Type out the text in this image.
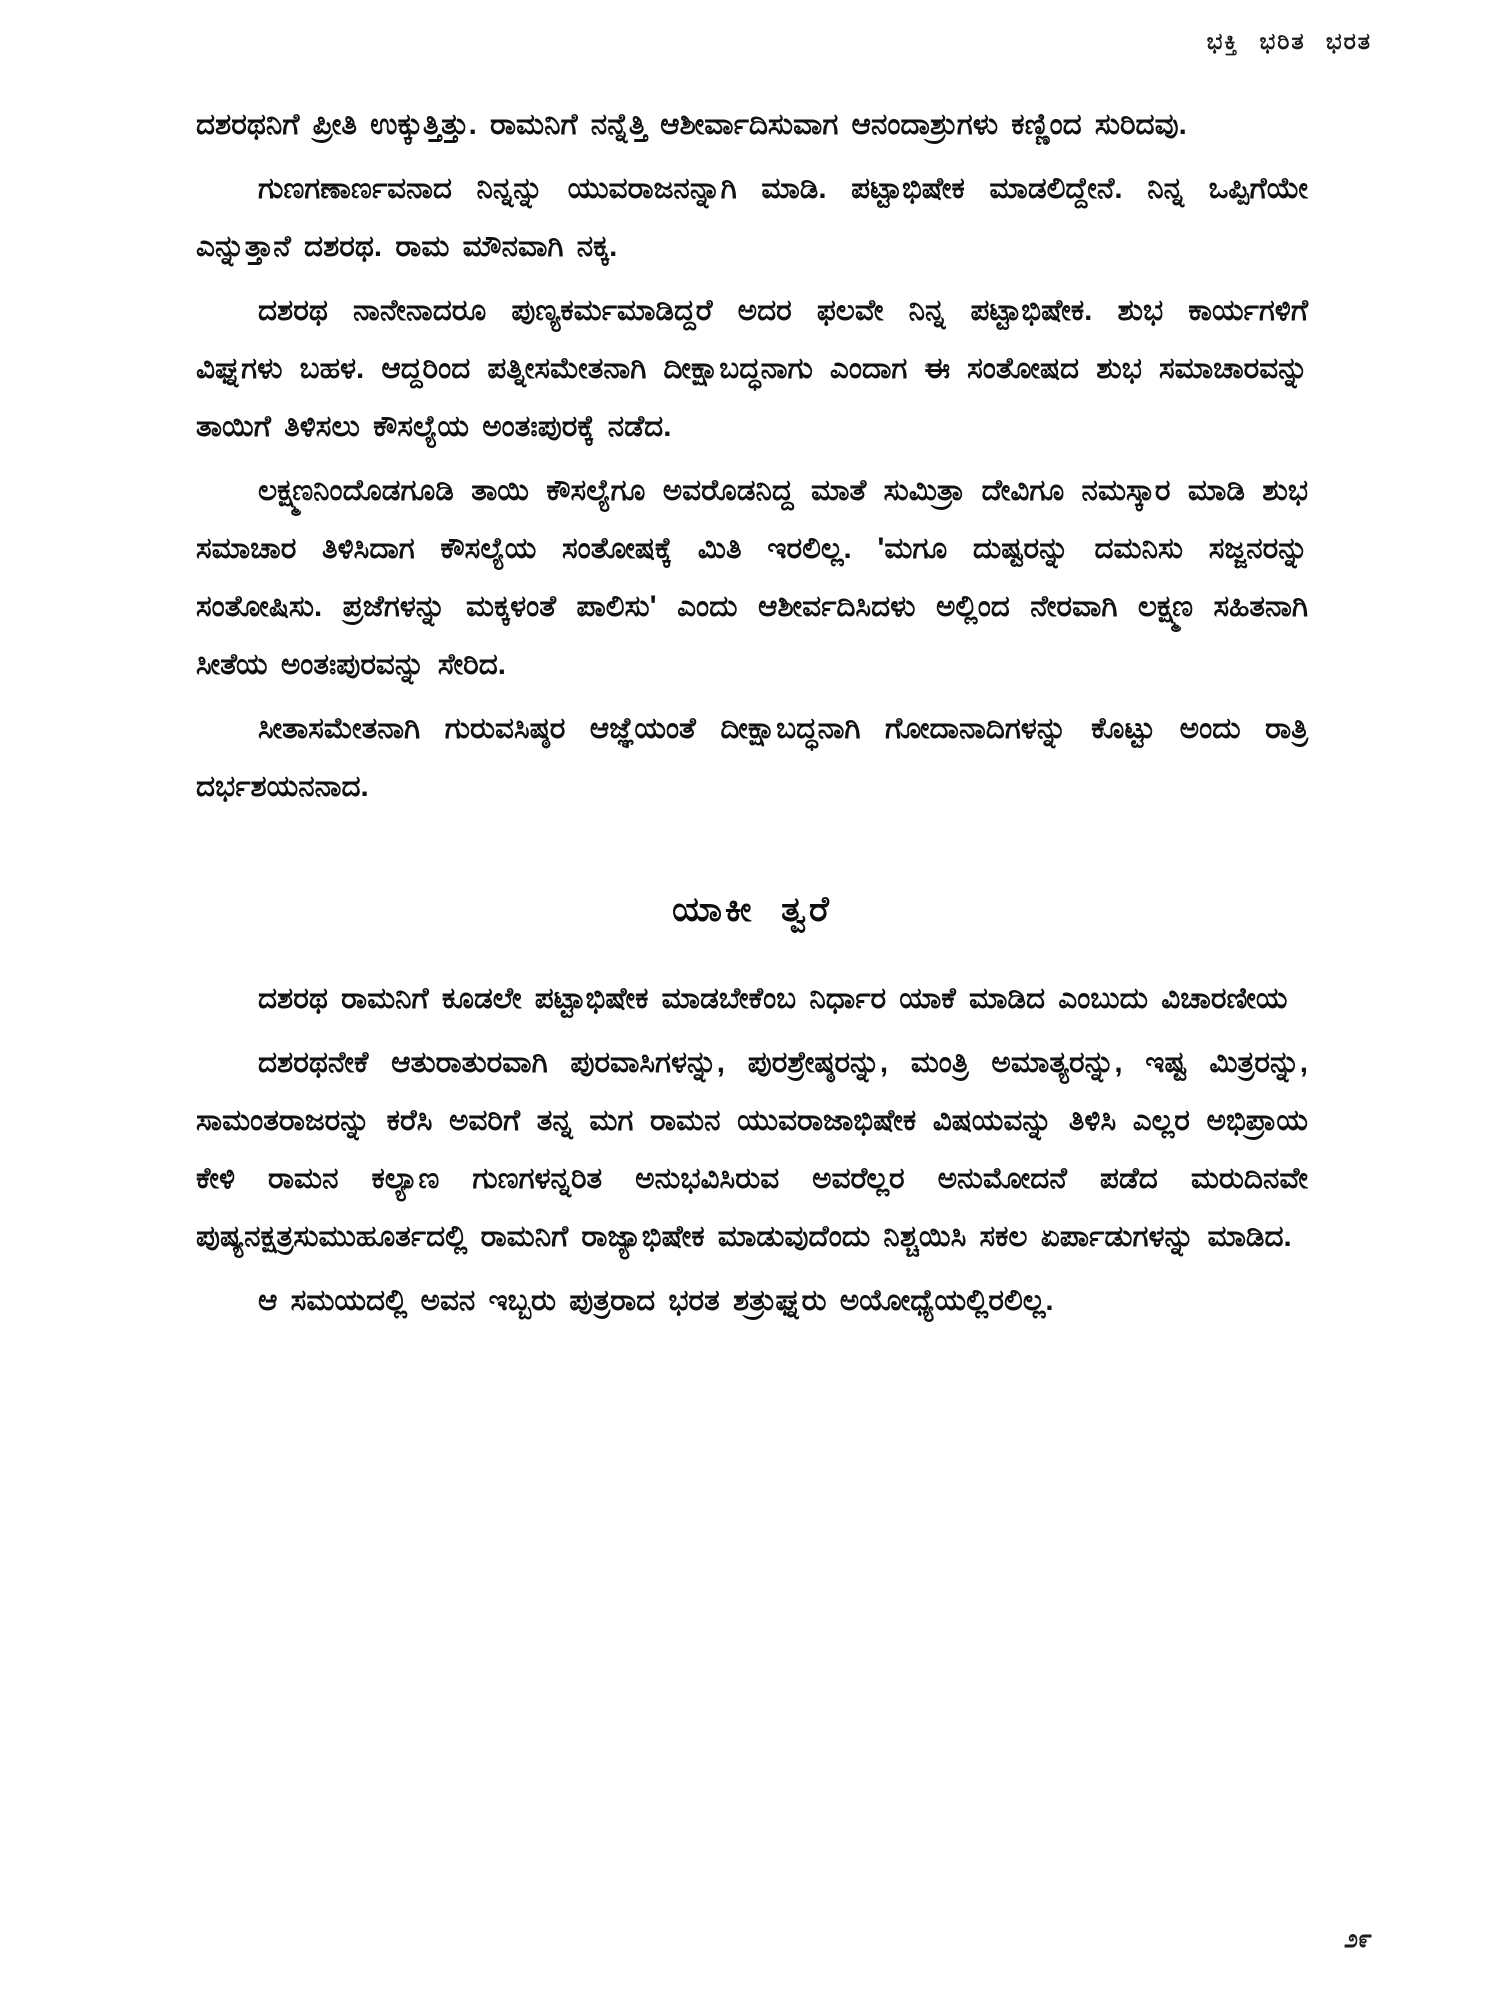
ಭಕ್ತಿ ಭರಿತ ಭರತ

ದಶರಥನಿಗೆ ಪ್ರೀತಿ ಉಕ್ಕುತ್ತಿತ್ತು. ರಾಮನಿಗೆ ನನ್ನೆತ್ತಿ ಆಶೀರ್ವಾದಿಸುವಾಗ ಆನಂದಾಶ್ರುಗಳು ಕಣ್ಣಿಂದ ಸುರಿದವು.

ಗುಣಗಣಾರ್ಣವನಾದ ನಿನ್ನನ್ನು ಯುವರಾಜನನ್ನಾಗಿ ಮಾಡಿ. ಪಟ್ಟಾಭಿಷೇಕ ಮಾಡಲಿದ್ದೇನೆ. ನಿನ್ನ ಒಪ್ಪಿಗೆಯೇ ಎನ್ನುತ್ತಾನೆ ದಶರಥ. ರಾಮ ಮೌನವಾಗಿ ನಕ್ಕ.

ದಶರಥ ನಾನೇನಾದರೂ ಪುಣ್ಯಕರ್ಮಮಾಡಿದ್ದರೆ ಅದರ ಫಲವೇ ನಿನ್ನ ಪಟ್ಟಾಭಿಷೇಕ. ಶುಭ ಕಾರ್ಯಗಳಿಗೆ ವಿಘ್ನಗಳು ಬಹಳ. ಆದ್ದರಿಂದ ಪತ್ನೀಸಮೇತನಾಗಿ ದೀಕ್ಷಾಬದ್ಧನಾಗು ಎಂದಾಗ ಈ ಸಂತೋಷದ ಶುಭ ಸಮಾಚಾರವನ್ನು ತಾಯಿಗೆ ತಿಳಿಸಲು ಕೌಸಲ್ಯೆಯ ಅಂತಃಪುರಕ್ಕೆ ನಡೆದ.

ಲಕ್ಷ್ಮಣನಿಂದೊಡಗೂಡಿ ತಾಯಿ ಕೌಸಲ್ಯೆಗೂ ಅವರೊಡನಿದ್ದ ಮಾತೆ ಸುಮಿತ್ರಾ ದೇವಿಗೂ ನಮಸ್ಕಾರ ಮಾಡಿ ಶುಭ ಸಮಾಚಾರ ತಿಳಿಸಿದಾಗ ಕೌಸಲ್ಯೆಯ ಸಂತೋಷಕ್ಕೆ ಮಿತಿ ಇರಲಿಲ್ಲ. 'ಮಗೂ ದುಷ್ಟರನ್ನು ದಮನಿಸು ಸಜ್ಜನರನ್ನು ಸಂತೋಷಿಸು. ಪ್ರಜೆಗಳನ್ನು ಮಕ್ಕಳಂತೆ ಪಾಲಿಸು' ಎಂದು ಆಶೀರ್ವದಿಸಿದಳು ಅಲ್ಲಿಂದ ನೇರವಾಗಿ ಲಕ್ಷ್ಮಣ ಸಹಿತನಾಗಿ ಸೀತೆಯ ಅಂತಃಪುರವನ್ನು ಸೇರಿದ.

ಸೀತಾಸಮೇತನಾಗಿ ಗುರುವಸಿಷ್ಠರ ಆಜ್ಞೆಯಂತೆ ದೀಕ್ಷಾಬದ್ಧನಾಗಿ ಗೋದಾನಾದಿಗಳನ್ನು ಕೊಟ್ಟು ಅಂದು ರಾತ್ರಿ ದರ್ಭಶಯನನಾದ.

ಯಾಕೀ ತ್ವರೆ

ದಶರಥ ರಾಮನಿಗೆ ಕೂಡಲೇ ಪಟ್ಟಾಭಿಷೇಕ ಮಾಡಬೇಕೆಂಬ ನಿರ್ಧಾರ ಯಾಕೆ ಮಾಡಿದ ಎಂಬುದು ವಿಚಾರಣೀಯ

ದಶರಥನೇಕೆ ಆತುರಾತುರವಾಗಿ ಪುರವಾಸಿಗಳನ್ನು, ಪುರಶ್ರೇಷ್ಠರನ್ನು, ಮಂತ್ರಿ ಅಮಾತ್ಯರನ್ನು, ಇಷ್ಟ ಮಿತ್ರರನ್ನು, ಸಾಮಂತರಾಜರನ್ನು ಕರೆಸಿ ಅವರಿಗೆ ತನ್ನ ಮಗ ರಾಮನ ಯುವರಾಜಾಭಿಷೇಕ ವಿಷಯವನ್ನು ತಿಳಿಸಿ ಎಲ್ಲರ ಅಭಿಪ್ರಾಯ ಕೇಳಿ ರಾಮನ ಕಲ್ಯಾಣ ಗುಣಗಳನ್ನರಿತ ಅನುಭವಿಸಿರುವ ಅವರೆಲ್ಲರ ಅನುಮೋದನೆ ಪಡೆದ ಮರುದಿನವೇ ಪುಷ್ಯನಕ್ಷತ್ರಸುಮುಹೂರ್ತದಲ್ಲಿ ರಾಮನಿಗೆ ರಾಜ್ಯಾಭಿಷೇಕ ಮಾಡುವುದೆಂದು ನಿಶ್ಚಯಿಸಿ ಸಕಲ ಏರ್ಪಾಡುಗಳನ್ನು ಮಾಡಿದ.

ಆ ಸಮಯದಲ್ಲಿ ಅವನ ಇಬ್ಬರು ಪುತ್ರರಾದ ಭರತ ಶತ್ರುಘ್ನರು ಅಯೋಧ್ಯೆಯಲ್ಲಿರಲಿಲ್ಲ.

೨೯
